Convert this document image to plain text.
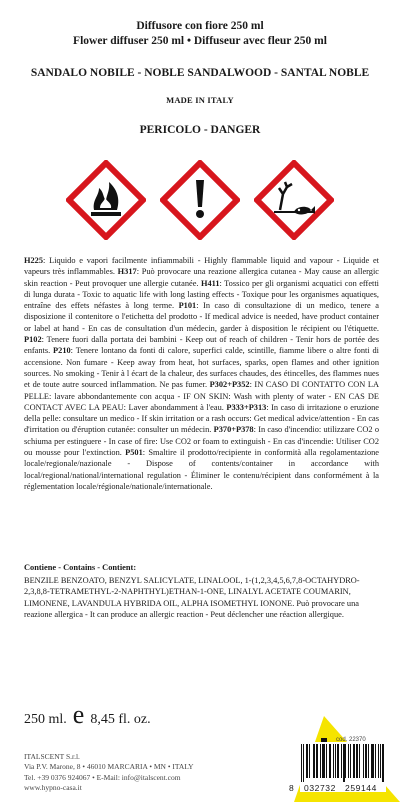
Diffusore con fiore 250 ml
Flower diffuser 250 ml • Diffuseur avec fleur 250 ml
SANDALO NOBILE - NOBLE SANDALWOOD - SANTAL NOBLE
MADE IN ITALY
PERICOLO - DANGER
H225: Liquido e vapori facilmente infiammabili - Highly flammable liquid and vapour - Liquide et vapeurs très inflammables. H317: Può provocare una reazione allergica cutanea - May cause an allergic skin reaction - Peut provoquer une allergie cutanée. H411: Tossico per gli organismi acquatici con effetti di lunga durata - Toxic to aquatic life with long lasting effects - Toxique pour les organismes aquatiques, entraîne des effets néfastes à long terme. P101: In caso di consultazione di un medico, tenere a disposizione il contenitore o l'etichetta del prodotto - If medical advice is needed, have product container or label at hand - En cas de consultation d'un médecin, garder à disposition le récipient ou l'étiquette. P102: Tenere fuori dalla portata dei bambini - Keep out of reach of children - Tenir hors de portée des enfants. P210: Tenere lontano da fonti di calore, superfici calde, scintille, fiamme libere o altre fonti di accensione. Non fumare - Keep away from heat, hot surfaces, sparks, open flames and other ignition sources. No smoking - Tenir à l écart de la chaleur, des surfaces chaudes, des étincelles, des flammes nues et de toute autre sourced inflammation. Ne pas fumer. P302+P352: IN CASO DI CONTATTO CON LA PELLE: lavare abbondantemente con acqua - IF ON SKIN: Wash with plenty of water - EN CAS DE CONTACT AVEC LA PEAU: Laver abondamment à l'eau. P333+P313: In caso di irritazione o eruzione della pelle: consultare un medico - If skin irritation or a rash occurs: Get medical advice/attention - En cas d'irritation ou d'éruption cutanée: consulter un médecin. P370+P378: In caso d'incendio: utilizzare CO2 o schiuma per estinguere - In case of fire: Use CO2 or foam to extinguish - En cas d'incendie: Utiliser CO2 ou mousse pour l'extinction. P501: Smaltire il prodotto/recipiente in conformità alla regolamentazione locale/regionale/nazionale - Dispose of contents/container in accordance with local/regional/national/international regulation - Éliminer le contenu/récipient dans conformément à la réglementation locale/régionale/nationale/internationale.
Contiene - Contains - Contient:
BENZILE BENZOATO, BENZYL SALICYLATE, LINALOOL, 1-(1,2,3,4,5,6,7,8-OCTAHYDRO-2,3,8,8-TETRAMETHYL-2-NAPHTHYL)ETHAN-1-ONE, LINALYL ACETATE COUMARIN, LIMONENE, LAVANDULA HYBRIDA OIL, ALPHA ISOMETHYL IONONE. Può provocare una reazione allergica - It can produce an allergic reaction - Peut déclencher une réaction allergique.
250 ml. e 8,45 fl. oz.
ITALSCENT S.r.l.
Via P.V. Marone, 8 • 46010 MARCARIA • MN • ITALY
Tel. +39 0376 924067 • E-Mail: info@italscent.com
www.hypno-casa.it
cod. 22370
8 032732 259144
